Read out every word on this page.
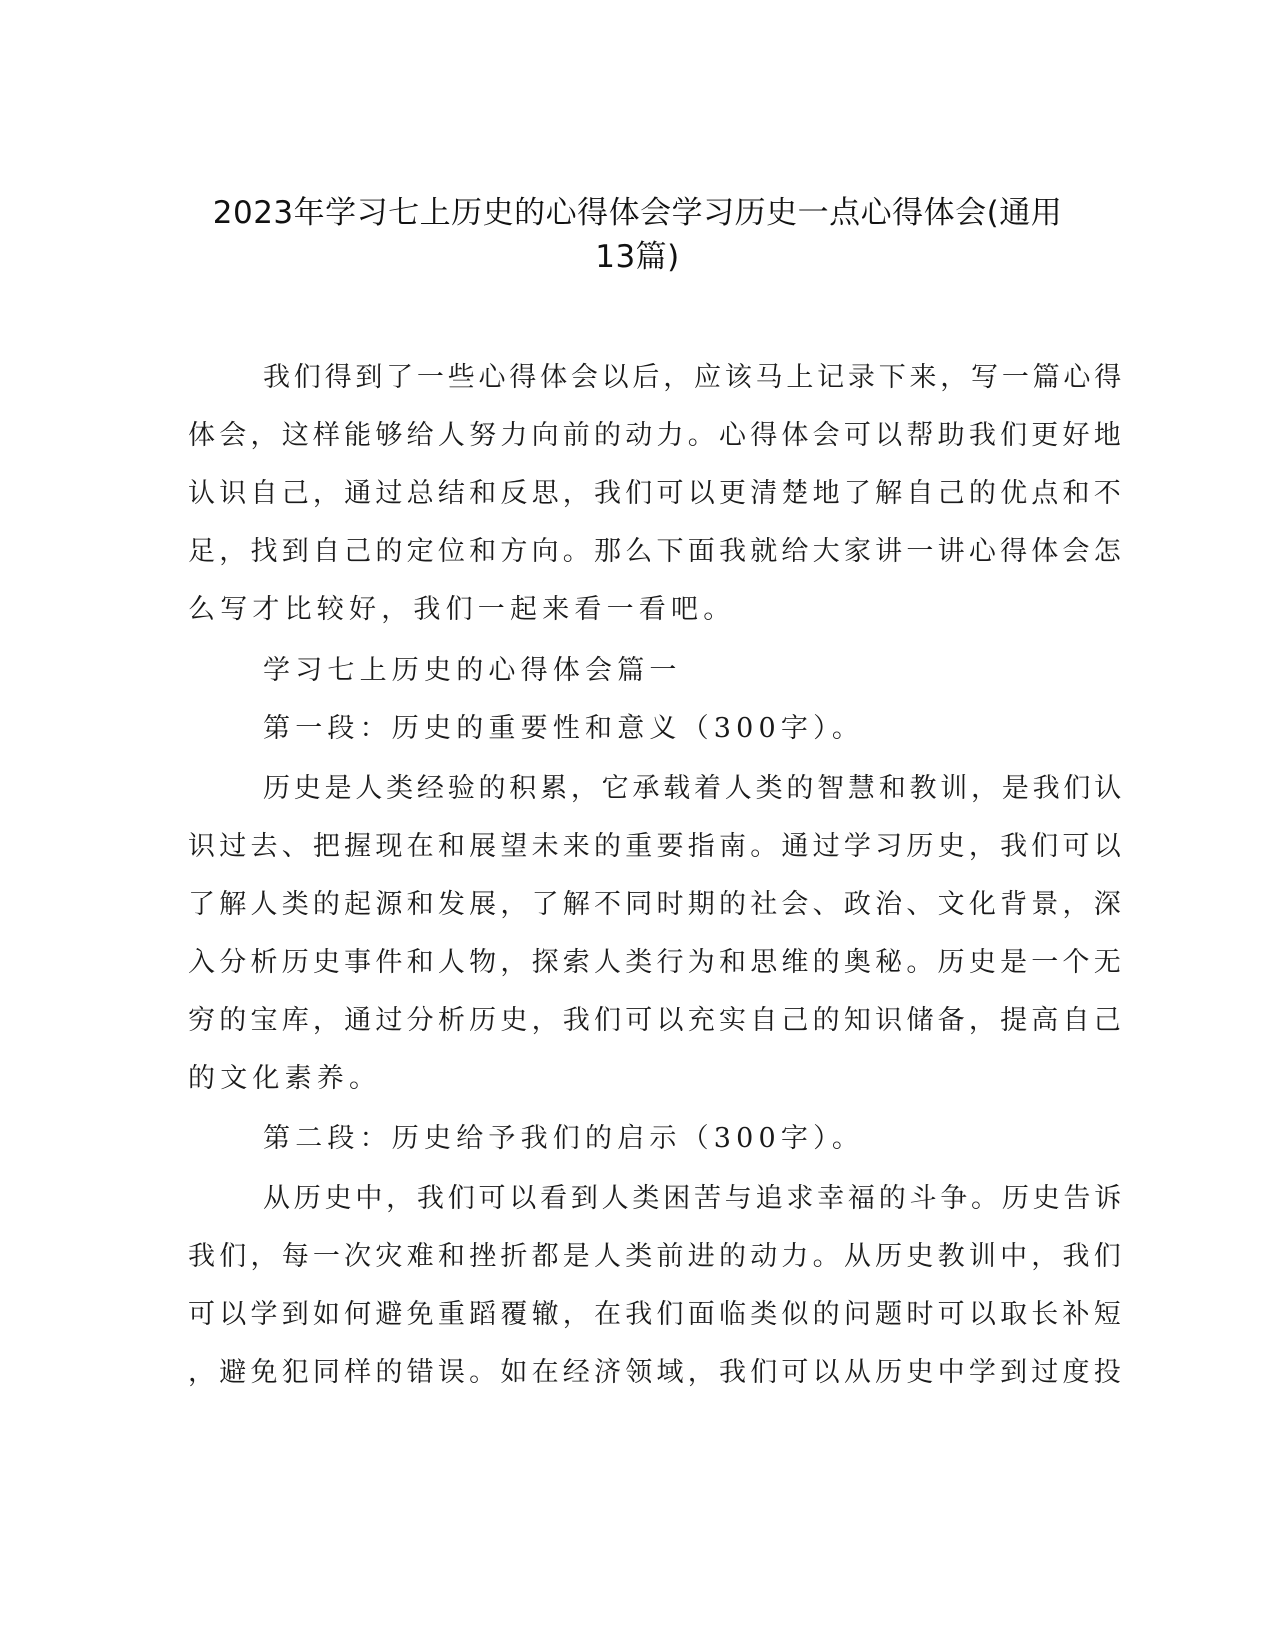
2023年学习七上历史的心得体会学习历史一点心得体会(通用
13篇)
我们得到了一些心得体会以后，应该马上记录下来，写一篇心得
体会，这样能够给人努力向前的动力。心得体会可以帮助我们更好地
认识自己，通过总结和反思，我们可以更清楚地了解自己的优点和不
足，找到自己的定位和方向。那么下面我就给大家讲一讲心得体会怎
么写才比较好，我们一起来看一看吧。
学习七上历史的心得体会篇一
第一段：历史的重要性和意义（300字）。
历史是人类经验的积累，它承载着人类的智慧和教训，是我们认
识过去、把握现在和展望未来的重要指南。通过学习历史，我们可以
了解人类的起源和发展，了解不同时期的社会、政治、文化背景，深
入分析历史事件和人物，探索人类行为和思维的奥秘。历史是一个无
穷的宝库，通过分析历史，我们可以充实自己的知识储备，提高自己
的文化素养。
第二段：历史给予我们的启示（300字）。
从历史中，我们可以看到人类困苦与追求幸福的斗争。历史告诉
我们，每一次灾难和挫折都是人类前进的动力。从历史教训中，我们
可以学到如何避免重蹈覆辙，在我们面临类似的问题时可以取长补短
，避免犯同样的错误。如在经济领域，我们可以从历史中学到过度投
